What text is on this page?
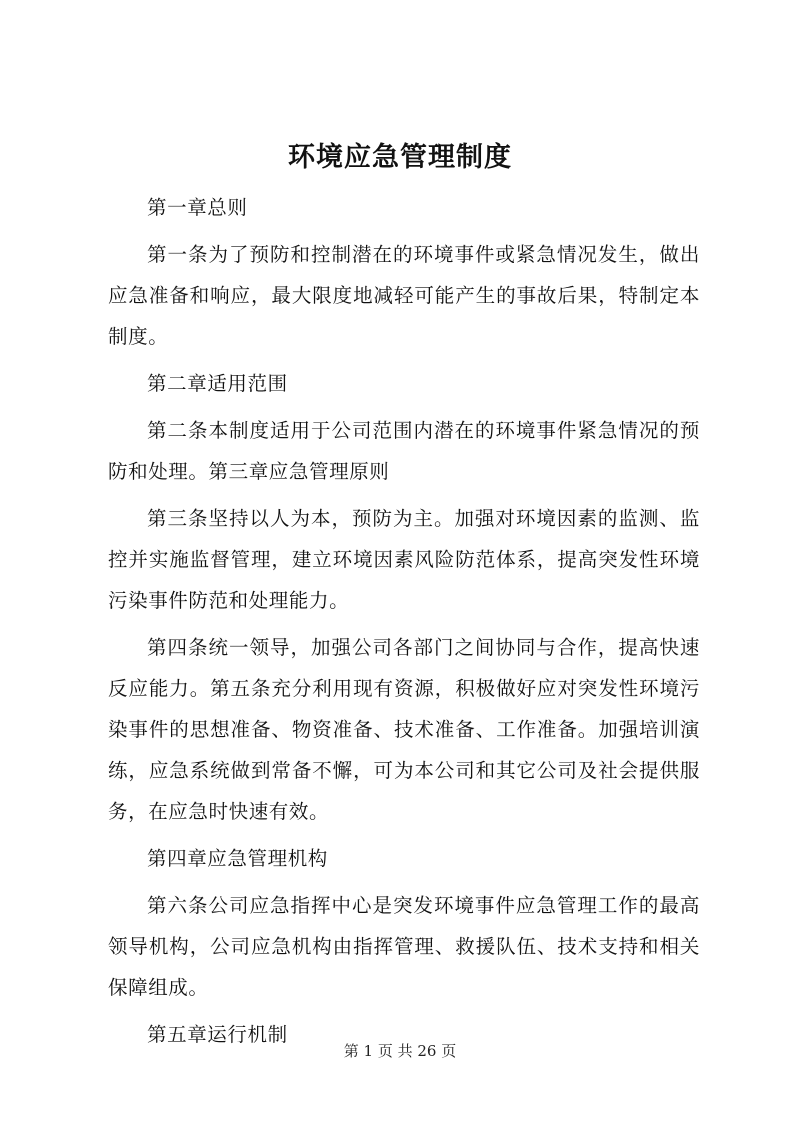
环境应急管理制度

第一章总则

第一条为了预防和控制潜在的环境事件或紧急情况发生，做出应急准备和响应，最大限度地减轻可能产生的事故后果，特制定本制度。

第二章适用范围

第二条本制度适用于公司范围内潜在的环境事件紧急情况的预防和处理。第三章应急管理原则

第三条坚持以人为本，预防为主。加强对环境因素的监测、监控并实施监督管理，建立环境因素风险防范体系，提高突发性环境污染事件防范和处理能力。

第四条统一领导，加强公司各部门之间协同与合作，提高快速反应能力。第五条充分利用现有资源，积极做好应对突发性环境污染事件的思想准备、物资准备、技术准备、工作准备。加强培训演练，应急系统做到常备不懈，可为本公司和其它公司及社会提供服务，在应急时快速有效。

第四章应急管理机构

第六条公司应急指挥中心是突发环境事件应急管理工作的最高领导机构，公司应急机构由指挥管理、救援队伍、技术支持和相关保障组成。

第五章运行机制

第 1 页 共 26 页
